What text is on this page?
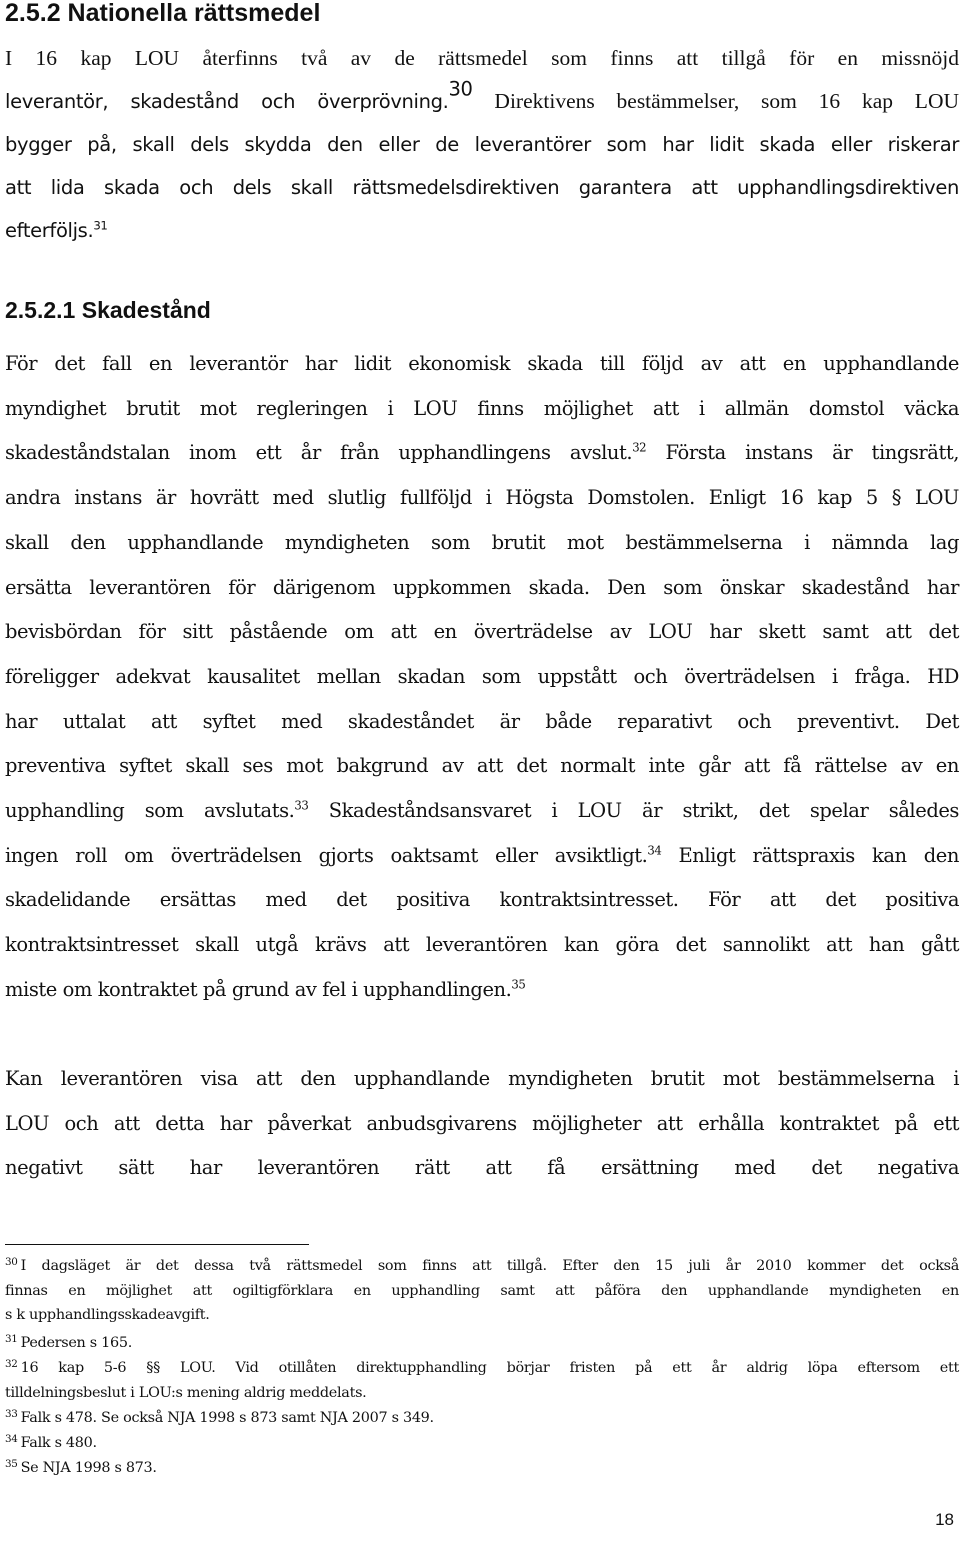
2.5.2 Nationella rättsmedel
I 16 kap LOU återfinns två av de rättsmedel som finns att tillgå för en missnöjd
leverantör, skadestånd och överprövning.$^{30}$ Direktivens bestämmelser, som 16 kap LOU
bygger på, skall dels skydda den eller de leverantörer som har lidit skada eller riskerar
att lida skada och dels skall rättsmedelsdirektiven garantera att upphandlingsdirektiven
efterföljs.$^{31}$
2.5.2.1 Skadestånd
För det fall en leverantör har lidit ekonomisk skada till följd av att en upphandlande
myndighet brutit mot regleringen i LOU finns möjlighet att i allmän domstol väcka
skadeståndstalan inom ett år från upphandlingens avslut.$^{32}$ Första instans är tingsrätt,
andra instans är hovrätt med slutlig fullföljd i Högsta Domstolen. Enligt 16 kap 5 § LOU
skall den upphandlande myndigheten som brutit mot bestämmelserna i nämnda lag
ersätta leverantören för därigenom uppkommen skada. Den som önskar skadestånd har
bevisbördan för sitt påstående om att en överträdelse av LOU har skett samt att det
föreligger adekvat kausalitet mellan skadan som uppstått och överträdelsen i fråga. HD
har uttalat att syftet med skadeståndet är både reparativt och preventivt. Det
preventiva syftet skall ses mot bakgrund av att det normalt inte går att få rättelse av en
upphandling som avslutats.$^{33}$ Skadeståndsansvaret i LOU är strikt, det spelar således
ingen roll om överträdelsen gjorts oaktsamt eller avsiktligt.$^{34}$ Enligt rättspraxis kan den
skadelidande ersättas med det positiva kontraktsintresset. För att det positiva
kontraktsintresset skall utgå krävs att leverantören kan göra det sannolikt att han gått
miste om kontraktet på grund av fel i upphandlingen.$^{35}$
Kan leverantören visa att den upphandlande myndigheten brutit mot bestämmelserna i
LOU och att detta har påverkat anbudsgivarens möjligheter att erhålla kontraktet på ett
negativt sätt har leverantören rätt att få ersättning med det negativa
$^{30}$ I dagsläget är det dessa två rättsmedel som finns att tillgå. Efter den 15 juli år 2010 kommer det också
finnas en möjlighet att ogiltigförklara en upphandling samt att påföra den upphandlande myndigheten en
s k upphandlingsskadeavgift.
$^{31}$ Pedersen s 165.
$^{32}$ 16 kap 5-6 §§ LOU. Vid otillåten direktupphandling börjar fristen på ett år aldrig löpa eftersom ett
tilldelningsbeslut i LOU:s mening aldrig meddelats.
$^{33}$ Falk s 478. Se också NJA 1998 s 873 samt NJA 2007 s 349.
$^{34}$ Falk s 480.
$^{35}$ Se NJA 1998 s 873.
18
